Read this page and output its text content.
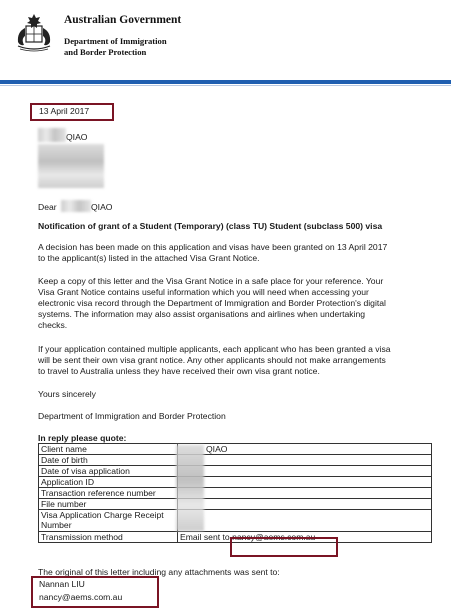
Australian Government
Department of Immigration
and Border Protection
13 April 2017
QIAO
Dear	QIAO
Notification of grant of a Student (Temporary) (class TU) Student (subclass 500) visa
A decision has been made on this application and visas have been granted on 13 April 2017
to the applicant(s) listed in the attached Visa Grant Notice.
Keep a copy of this letter and the Visa Grant Notice in a safe place for your reference. Your
Visa Grant Notice contains useful information which you will need when accessing your
electronic visa record through the Department of Immigration and Border Protection's digital
systems. The information may also assist organisations and airlines when undertaking
checks.
If your application contained multiple applicants, each applicant who has been granted a visa
will be sent their own visa grant notice. Any other applicants should not make arrangements
to travel to Australia unless they have received their own visa grant notice.
Yours sincerely
Department of Immigration and Border Protection
In reply please quote:
Client name	QIAO
Date of birth	
Date of visa application	
Application ID	
Transaction reference number	
File number	
Visa Application Charge Receipt Number	
Transmission method	Email sent to nancy@aems.com.au
The original of this letter including any attachments was sent to:
Nannan LIU
nancy@aems.com.au
